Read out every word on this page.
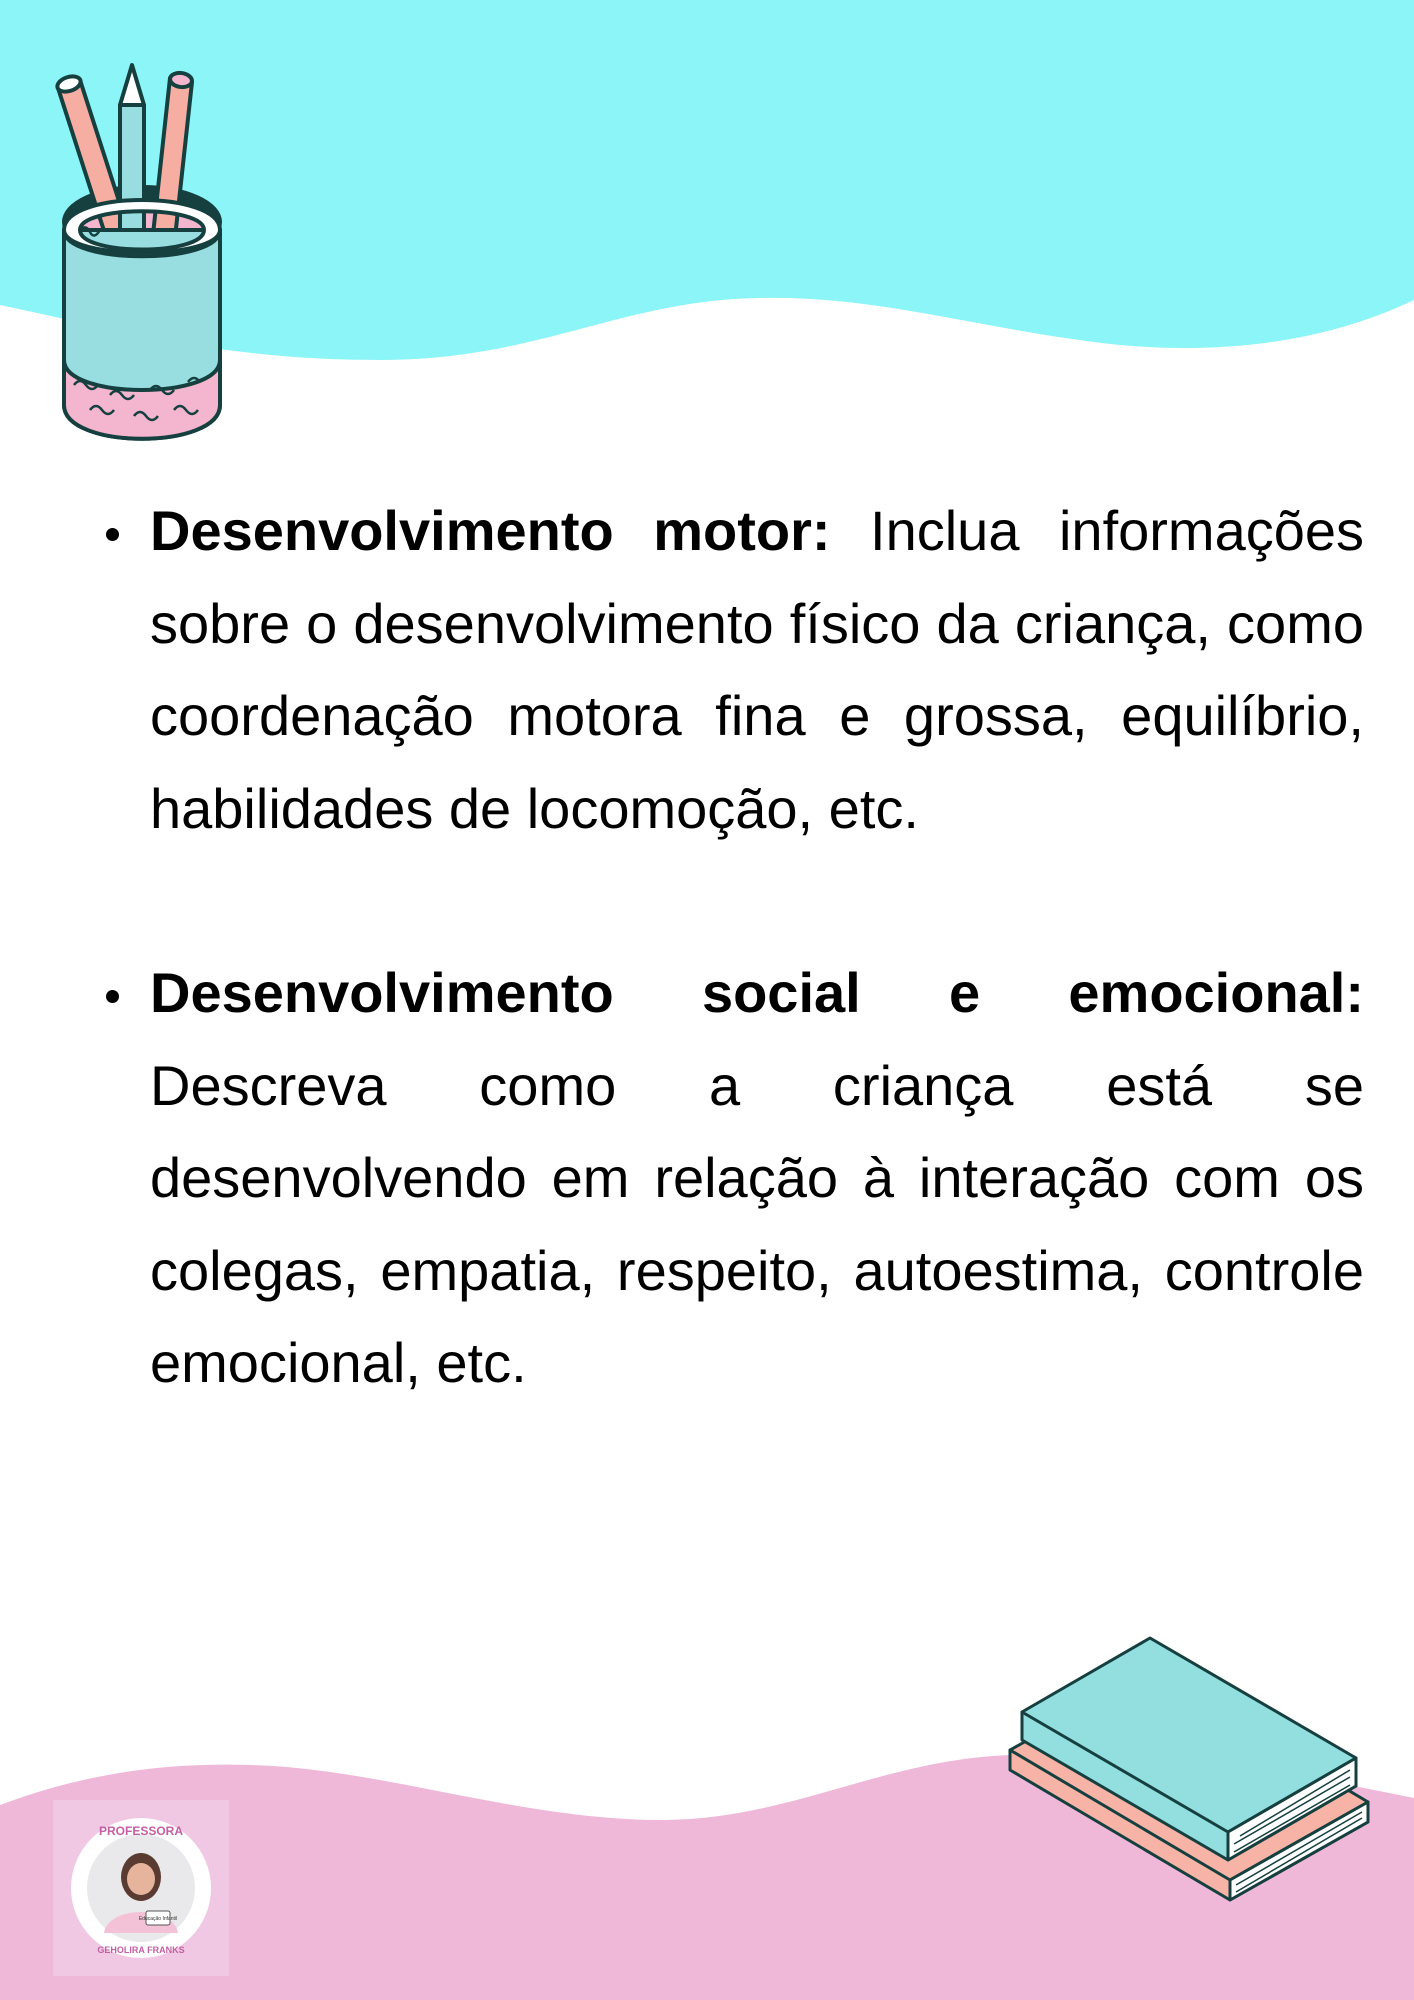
Desenvolvimento motor: Inclua informações sobre o desenvolvimento físico da criança, como coordenação motora fina e grossa, equilíbrio, habilidades de locomoção, etc.
Desenvolvimento social e emocional: Descreva como a criança está se desenvolvendo em relação à interação com os colegas, empatia, respeito, autoestima, controle emocional, etc.
PROFESSORA
Educação Infantil
GEHOLIRA FRANKS
